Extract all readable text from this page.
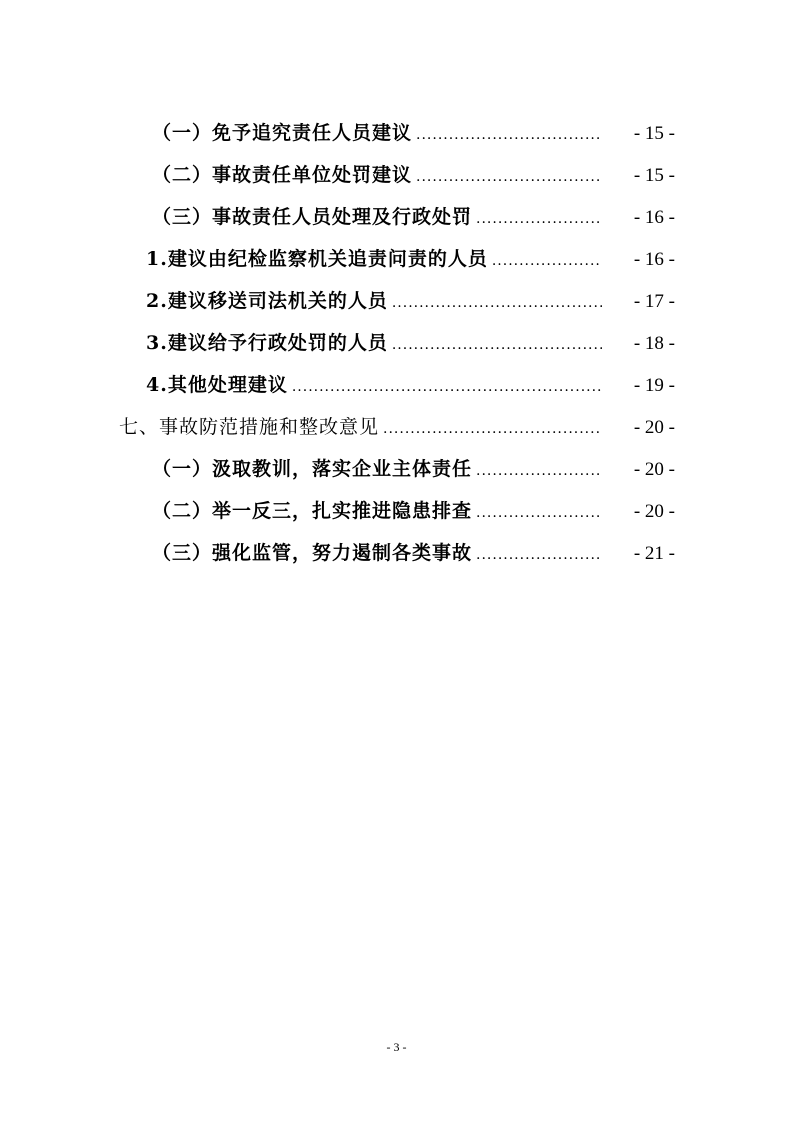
（一）免予追究责任人员建议 .....	- 15 -
（二）事故责任单位处罚建议 .....	- 15 -
（三）事故责任人员处理及行政处罚 .....	- 16 -
1.建议由纪检监察机关追责问责的人员 .....	- 16 -
2.建议移送司法机关的人员 .....	- 17 -
3.建议给予行政处罚的人员 .....	- 18 -
4.其他处理建议 .....	- 19 -
七、事故防范措施和整改意见 .....	- 20 -
（一）汲取教训，落实企业主体责任 .....	- 20 -
（二）举一反三，扎实推进隐患排查 .....	- 20 -
（三）强化监管，努力遏制各类事故 .....	- 21 -
- 3 -
